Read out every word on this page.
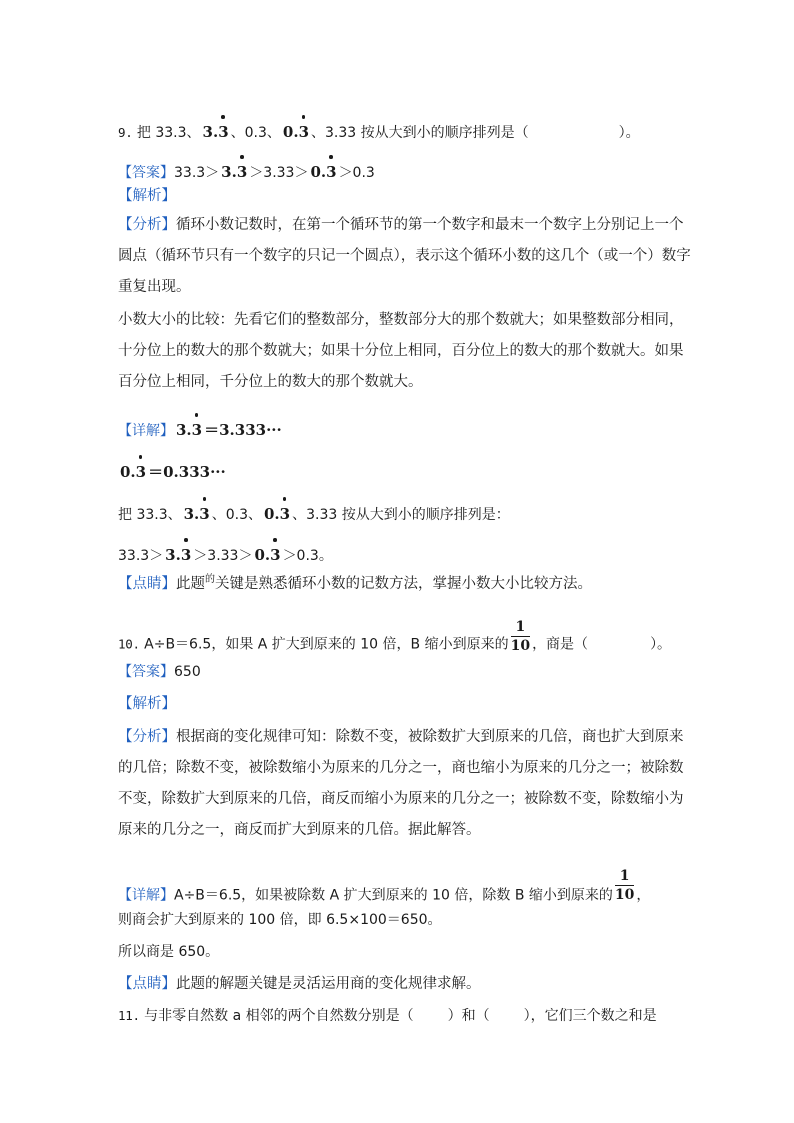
9. 把 33.3、 3.3 、0.3、 0.3 、3.33 按从大到小的顺序排列是（	）。
【答案】33.3＞ 3.3 ＞3.33＞ 0.3 ＞0.3
【解析】
【分析】循环小数记数时，在第一个循环节的第一个数字和最末一个数字上分别记上一个
圆点（循环节只有一个数字的只记一个圆点），表示这个循环小数的这几个（或一个）数字
重复出现。
小数大小的比较：先看它们的整数部分，整数部分大的那个数就大；如果整数部分相同，
十分位上的数大的那个数就大；如果十分位上相同，百分位上的数大的那个数就大。如果
百分位上相同，千分位上的数大的那个数就大。
【详解】 3.3 ＝3.333···
0.3 ＝0.333···
把 33.3、 3.3 、0.3、 0.3 、3.33 按从大到小的顺序排列是：
33.3＞ 3.3 ＞3.33＞ 0.3 ＞0.3。
【点睛】此题$^的$关键是熟悉循环小数的记数方法，掌握小数大小比较方法。
10. A÷B＝6.5，如果 A 扩大到原来的 10 倍，B 缩小到原来的 $\frac{1}{10}$ ，商是（	）。
【答案】650
【解析】
【分析】根据商的变化规律可知：除数不变，被除数扩大到原来的几倍，商也扩大到原来
的几倍；除数不变，被除数缩小为原来的几分之一，商也缩小为原来的几分之一；被除数
不变，除数扩大到原来的几倍，商反而缩小为原来的几分之一；被除数不变，除数缩小为
原来的几分之一，商反而扩大到原来的几倍。据此解答。
【详解】A÷B＝6.5，如果被除数 A 扩大到原来的 10 倍，除数 B 缩小到原来的 $\frac{1}{10}$ ，
则商会扩大到原来的 100 倍，即 6.5×100＝650。
所以商是 650。
【点睛】此题的解题关键是灵活运用商的变化规律求解。
11. 与非零自然数 a 相邻的两个自然数分别是（ ）和（ ），它们三个数之和是
